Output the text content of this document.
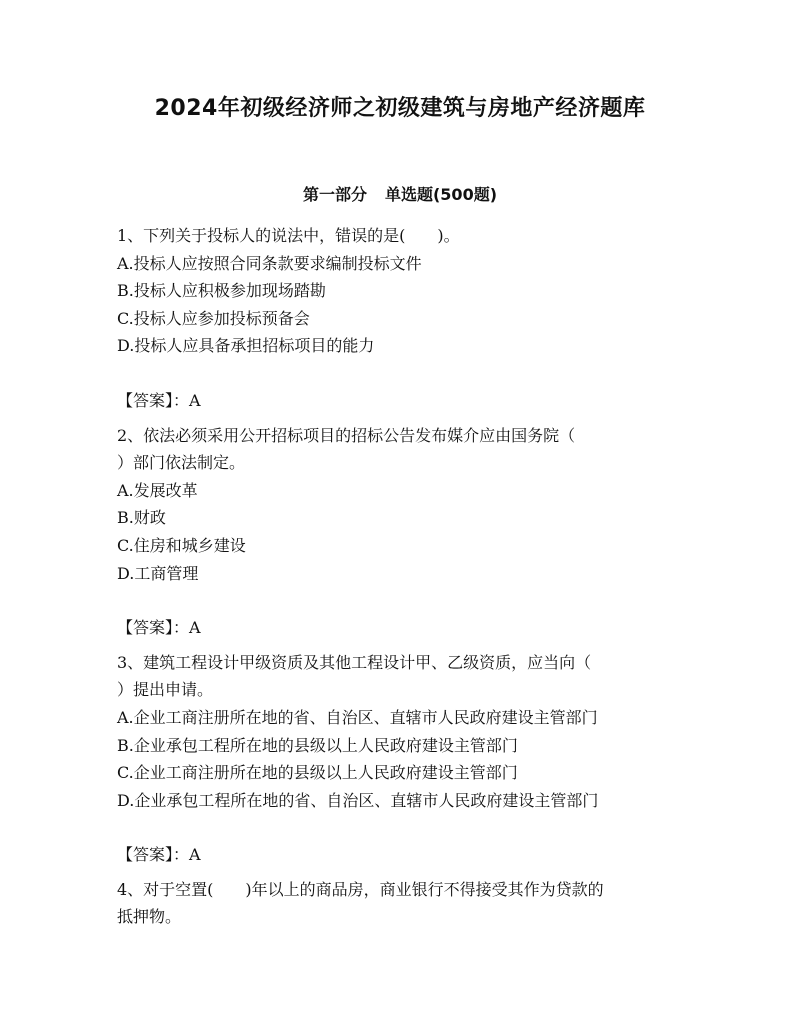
2024年初级经济师之初级建筑与房地产经济题库
第一部分 单选题(500题)
1、下列关于投标人的说法中，错误的是(　　)。
A.投标人应按照合同条款要求编制投标文件
B.投标人应积极参加现场踏勘
C.投标人应参加投标预备会
D.投标人应具备承担招标项目的能力
【答案】：A
2、依法必须采用公开招标项目的招标公告发布媒介应由国务院（
）部门依法制定。
A.发展改革
B.财政
C.住房和城乡建设
D.工商管理
【答案】：A
3、建筑工程设计甲级资质及其他工程设计甲、乙级资质，应当向（
）提出申请。
A.企业工商注册所在地的省、自治区、直辖市人民政府建设主管部门
B.企业承包工程所在地的县级以上人民政府建设主管部门
C.企业工商注册所在地的县级以上人民政府建设主管部门
D.企业承包工程所在地的省、自治区、直辖市人民政府建设主管部门
【答案】：A
4、对于空置(　　)年以上的商品房，商业银行不得接受其作为贷款的
抵押物。
